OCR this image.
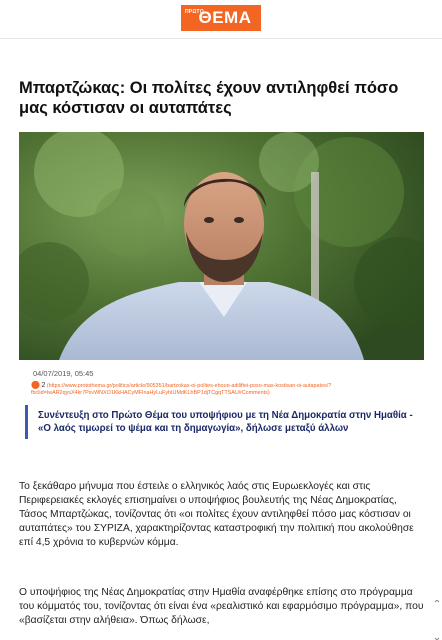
ΠΡΩΤΟ
ΘΕΜΑ
Μπαρτζώκας: Οι πολίτες έχουν αντιληφθεί πόσο μας κόστισαν οι αυταπάτες
04/07/2019, 05:45
⬤ 2 (https://www.protothema.gr/politics/article/905351/bartzokas-oi-polites-ehoun-adiliftei-poso-mas-kostisan-oi-autapates/?fbclid=IwAR2qysX4kr7PsvWNXO1KkHACyMFInaHyLuFyhIUMdKLhBP1djTCgqTTSAU#Comments)
Συνέντευξη στο Πρώτο Θέμα του υποψήφιου με τη Νέα Δημοκρατία στην Ημαθία - «Ο λαός τιμωρεί το ψέμα και τη δημαγωγία», δήλωσε μεταξύ άλλων

Το ξεκάθαρο μήνυμα που έστειλε ο ελληνικός λαός στις Ευρωεκλογές και στις Περιφερειακές εκλογές επισημαίνει ο υποψήφιος βουλευτής της Νέας Δημοκρατίας, Τάσος Μπαρτζώκας, τονίζοντας ότι «οι πολίτες έχουν αντιληφθεί πόσο μας κόστισαν οι αυταπάτες» του ΣΥΡΙΖΑ, χαρακτηρίζοντας καταστροφική την πολιτική που ακολούθησε επί 4,5 χρόνια το κυβερνών κόμμα.

Ο υποψήφιος της Νέας Δημοκρατίας στην Ημαθία αναφέρθηκε επίσης στο πρόγραμμα του κόμματός του, τονίζοντας ότι είναι ένα «ρεαλιστικό και εφαρμόσιμο πρόγραμμα», που «βασίζεται στην αλήθεια». Όπως δήλωσε,
